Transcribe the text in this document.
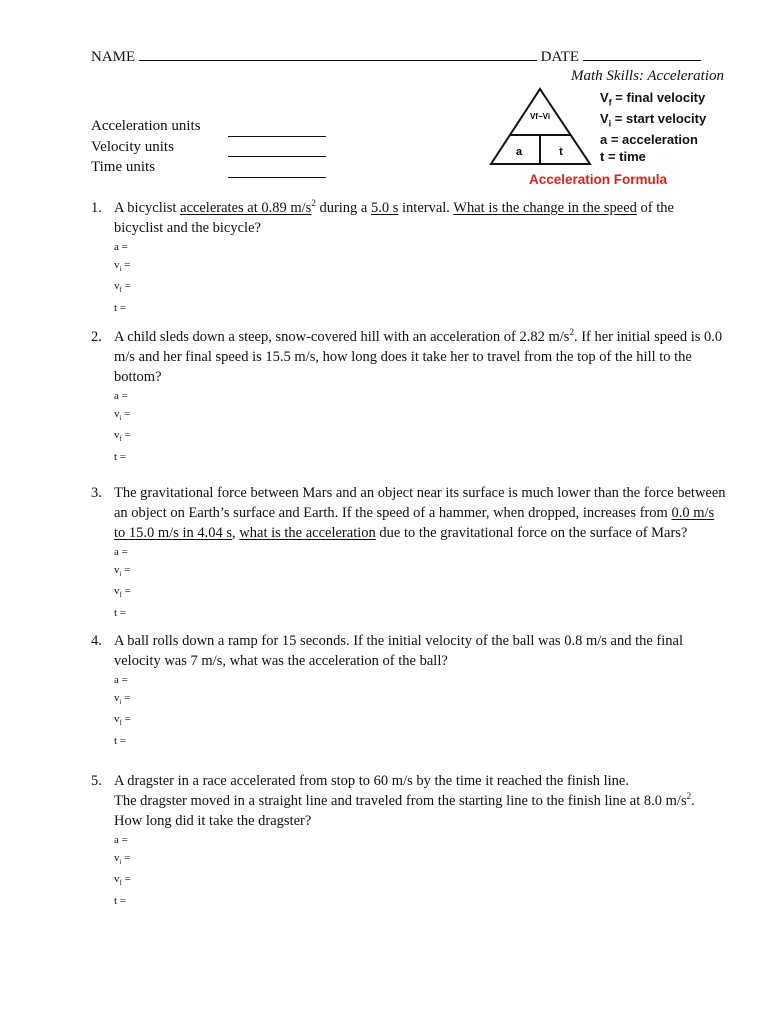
NAME	DATE
Math Skills: Acceleration
Acceleration units
Velocity units
Time units
Vf−Vi
a	t
$V_f$ = final velocity
$V_i$ = start velocity
a = acceleration
t = time
Acceleration Formula
1. A bicyclist accelerates at 0.89 $m/s^2$ during a 5.0 s interval. What is the change in the speed of the bicyclist and the bicycle?
a =
$v_i$ =
$v_f$ =
t =
2. A child sleds down a steep, snow-covered hill with an acceleration of 2.82 $m/s^2$. If her initial speed is 0.0 m/s and her final speed is 15.5 m/s, how long does it take her to travel from the top of the hill to the bottom?
a =
$v_i$ =
$v_f$ =
t =
3. The gravitational force between Mars and an object near its surface is much lower than the force between an object on Earth’s surface and Earth. If the speed of a hammer, when dropped, increases from 0.0 m/s to 15.0 m/s in 4.04 s, what is the acceleration due to the gravitational force on the surface of Mars?
a =
$v_i$ =
$v_f$ =
t =
4. A ball rolls down a ramp for 15 seconds. If the initial velocity of the ball was 0.8 m/s and the final velocity was 7 m/s, what was the acceleration of the ball?
a =
$v_i$ =
$v_f$ =
t =
5. A dragster in a race accelerated from stop to 60 m/s by the time it reached the finish line.
The dragster moved in a straight line and traveled from the starting line to the finish line at 8.0 $m/s^2$.
How long did it take the dragster?
a =
$v_i$ =
$v_f$ =
t =
